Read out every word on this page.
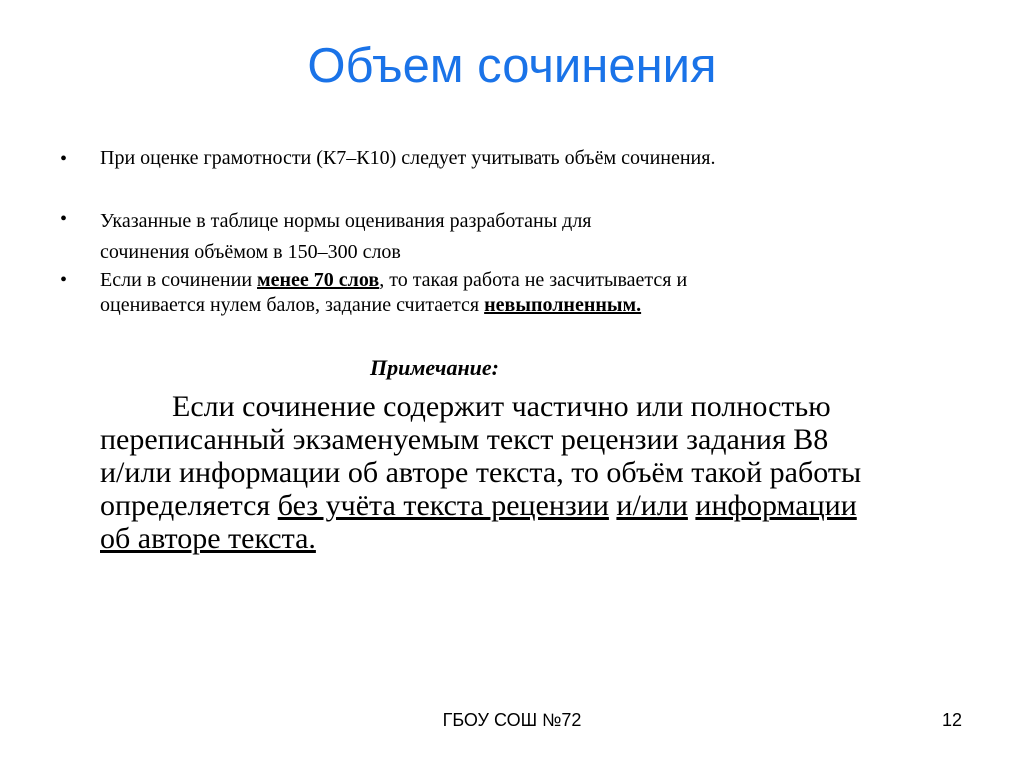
Объем сочинения
• При оценке грамотности (К7–К10) следует учитывать объём сочинения.
• Указанные в таблице нормы оценивания разработаны для
сочинения объёмом в 150–300 слов
• Если в сочинении менее 70 слов, то такая работа не засчитывается и
оценивается нулем балов, задание считается невыполненным.
Примечание:
Если сочинение содержит частично или полностью
переписанный экзаменуемым текст рецензии задания В8
и/или информации об авторе текста, то объём такой работы
определяется без учёта текста рецензии и/или информации
об авторе текста.
ГБОУ СОШ №72	12
